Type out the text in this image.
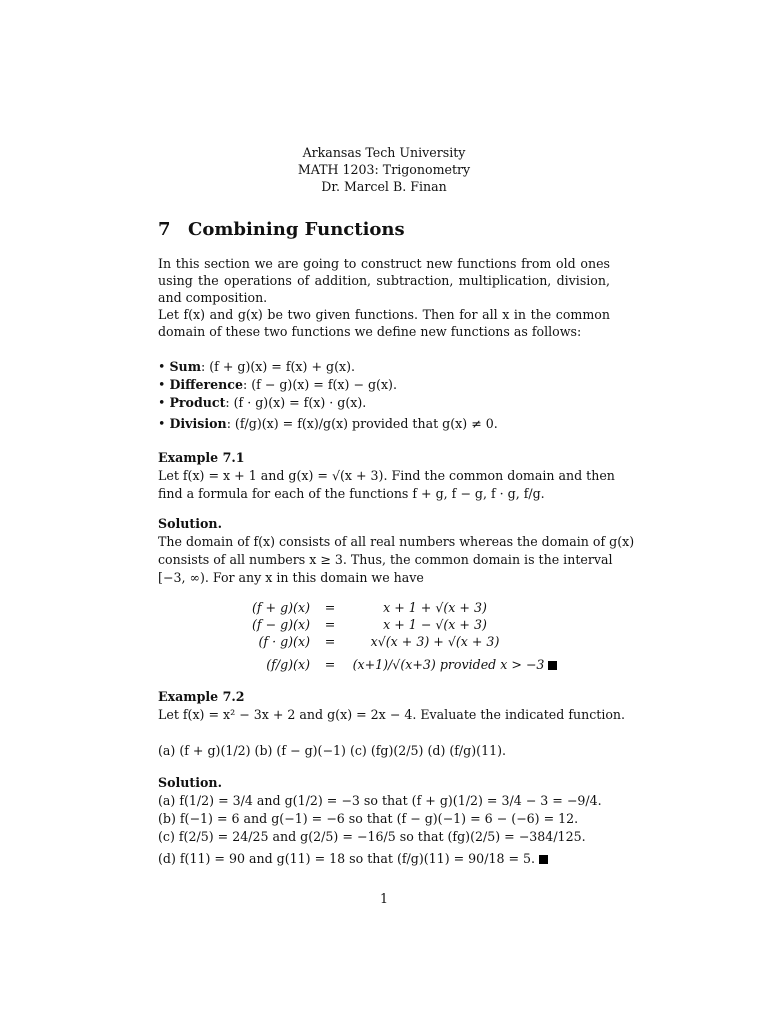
Arkansas Tech University
MATH 1203: Trigonometry
Dr. Marcel B. Finan
7 Combining Functions
In this section we are going to construct new functions from old ones using the operations of addition, subtraction, multiplication, division, and composition.
Let f(x) and g(x) be two given functions. Then for all x in the common domain of these two functions we define new functions as follows:
• Sum: (f + g)(x) = f(x) + g(x).
• Difference: (f − g)(x) = f(x) − g(x).
• Product: (f · g)(x) = f(x) · g(x).
• Division: (f/g)(x) = f(x)/g(x) provided that g(x) ≠ 0.
Example 7.1
Let f(x) = x + 1 and g(x) = √(x + 3). Find the common domain and then
find a formula for each of the functions f + g, f − g, f · g, f/g.
Solution.
The domain of f(x) consists of all real numbers whereas the domain of g(x)
consists of all numbers x ≥ 3. Thus, the common domain is the interval
[−3, ∞). For any x in this domain we have
(f + g)(x)	=	x + 1 + √(x + 3)
(f − g)(x)	=	x + 1 − √(x + 3)
(f · g)(x)	=	x√(x + 3) + √(x + 3)
(f/g)(x)	=	(x+1)/√(x+3) provided x > −3
Example 7.2
Let f(x) = x² − 3x + 2 and g(x) = 2x − 4. Evaluate the indicated function.
(a) (f + g)(1/2) (b) (f − g)(−1) (c) (fg)(2/5) (d) (f/g)(11).
Solution.
(a) f(1/2) = 3/4 and g(1/2) = −3 so that (f + g)(1/2) = 3/4 − 3 = −9/4.
(b) f(−1) = 6 and g(−1) = −6 so that (f − g)(−1) = 6 − (−6) = 12.
(c) f(2/5) = 24/25 and g(2/5) = −16/5 so that (fg)(2/5) = −384/125.
(d) f(11) = 90 and g(11) = 18 so that (f/g)(11) = 90/18 = 5.
1
